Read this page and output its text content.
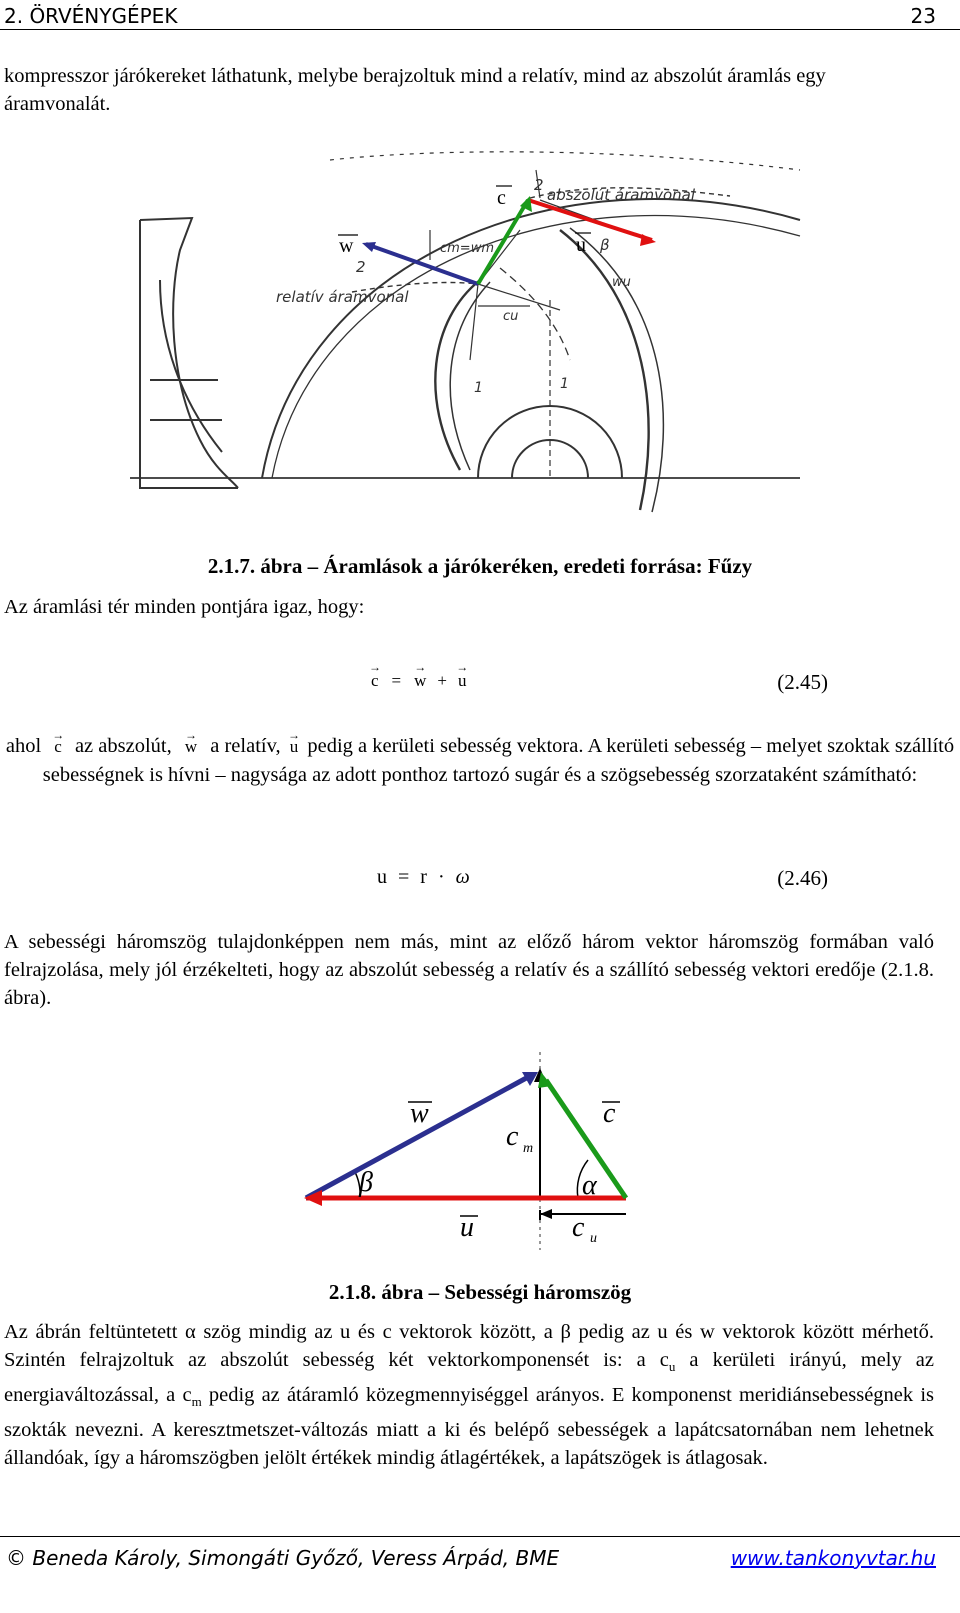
2. ÖRVÉNYGÉPEK	23
kompresszor járókereket láthatunk, melybe berajzoltuk mind a relatív, mind az abszolút áramlás egy áramvonalát.
c
w	u
abszolút áramvonal
relatív áramvonal
cm=wm
cu
wu
β
2
2
1	1
2.1.7. ábra – Áramlások a járókeréken, eredeti forrása: Fűzy
Az áramlási tér minden pontjára igaz, hogy:
→ c = → w + → u	(2.45)
ahol → c az abszolút, → w a relatív, → u pedig a kerületi sebesség vektora. A kerületi sebesség – melyet szoktak szállító sebességnek is hívni – nagysága az adott ponthoz tartozó sugár és a szögsebesség szorzataként számítható:
u = r · ω	(2.46)
A sebességi háromszög tulajdonképpen nem más, mint az előző három vektor háromszög formában való felrajzolása, mely jól érzékelteti, hogy az abszolút sebesség a relatív és a szállító sebesség vektori eredője (2.1.8. ábra).
w	c
c m
β	α
u	c u
2.1.8. ábra – Sebességi háromszög
Az ábrán feltüntetett α szög mindig az u és c vektorok között, a β pedig az u és w vektorok között mérhető. Szintén felrajzoltuk az abszolút sebesség két vektorkomponensét is: a $c_u$ a kerületi irányú, mely az energiaváltozással, a $c_m$ pedig az átáramló közegmennyiséggel arányos. E komponenst meridiánsebességnek is szokták nevezni. A keresztmetszet-változás miatt a ki és belépő sebességek a lapátcsatornában nem lehetnek állandóak, így a háromszögben jelölt értékek mindig átlagértékek, a lapátszögek is átlagosak.
© Beneda Károly, Simongáti Győző, Veress Árpád, BME	www.tankonyvtar.hu
